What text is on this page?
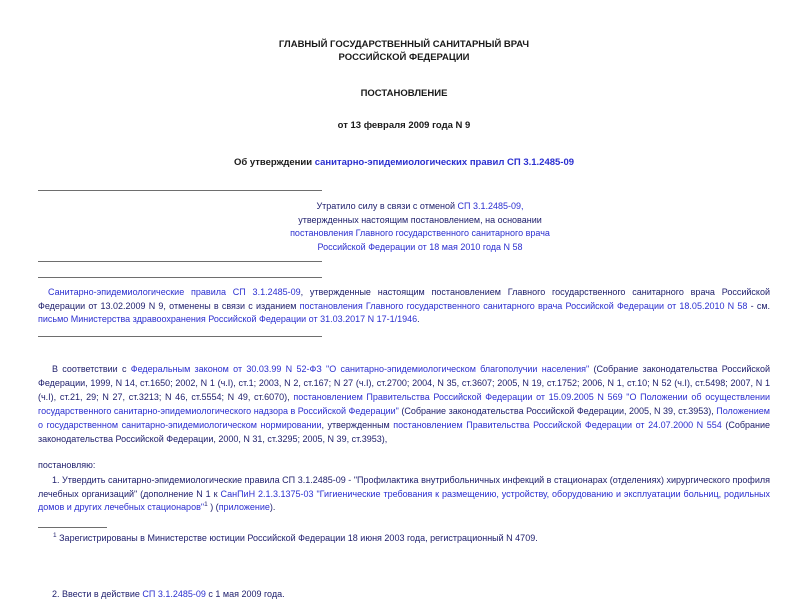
ГЛАВНЫЙ ГОСУДАРСТВЕННЫЙ САНИТАРНЫЙ ВРАЧ
РОССИЙСКОЙ ФЕДЕРАЦИИ
ПОСТАНОВЛЕНИЕ
от 13 февраля 2009 года N 9
Об утверждении санитарно-эпидемиологических правил СП 3.1.2485-09
Утратило силу в связи с отменой СП 3.1.2485-09,
утвержденных настоящим постановлением, на основании
постановления Главного государственного санитарного врача
Российской Федерации от 18 мая 2010 года N 58
Санитарно-эпидемиологические правила СП 3.1.2485-09, утвержденные настоящим постановлением Главного государственного санитарного врача Российской Федерации от 13.02.2009 N 9, отменены в связи с изданием постановления Главного государственного санитарного врача Российской Федерации от 18.05.2010 N 58 - см. письмо Министерства здравоохранения Российской Федерации от 31.03.2017 N 17-1/1946.
В соответствии с Федеральным законом от 30.03.99 N 52-ФЗ "О санитарно-эпидемиологическом благополучии населения" (Собрание законодательства Российской Федерации, 1999, N 14, ст.1650; 2002, N 1 (ч.I), ст.1; 2003, N 2, ст.167; N 27 (ч.I), ст.2700; 2004, N 35, ст.3607; 2005, N 19, ст.1752; 2006, N 1, ст.10; N 52 (ч.I), ст.5498; 2007, N 1 (ч.I), ст.21, 29; N 27, ст.3213; N 46, ст.5554; N 49, ст.6070), постановлением Правительства Российской Федерации от 15.09.2005 N 569 "О Положении об осуществлении государственного санитарно-эпидемиологического надзора в Российской Федерации" (Собрание законодательства Российской Федерации, 2005, N 39, ст.3953), Положением о государственном санитарно-эпидемиологическом нормировании, утвержденным постановлением Правительства Российской Федерации от 24.07.2000 N 554 (Собрание законодательства Российской Федерации, 2000, N 31, ст.3295; 2005, N 39, ст.3953),
постановляю:
1. Утвердить санитарно-эпидемиологические правила СП 3.1.2485-09 - "Профилактика внутрибольничных инфекций в стационарах (отделениях) хирургического профиля лечебных организаций" (дополнение N 1 к СанПиН 2.1.3.1375-03 "Гигиенические требования к размещению, устройству, оборудованию и эксплуатации больниц, родильных домов и других лечебных стационаров"$^1$ ) (приложение).
$^1$ Зарегистрированы в Министерстве юстиции Российской Федерации 18 июня 2003 года, регистрационный N 4709.
2. Ввести в действие СП 3.1.2485-09 с 1 мая 2009 года.
